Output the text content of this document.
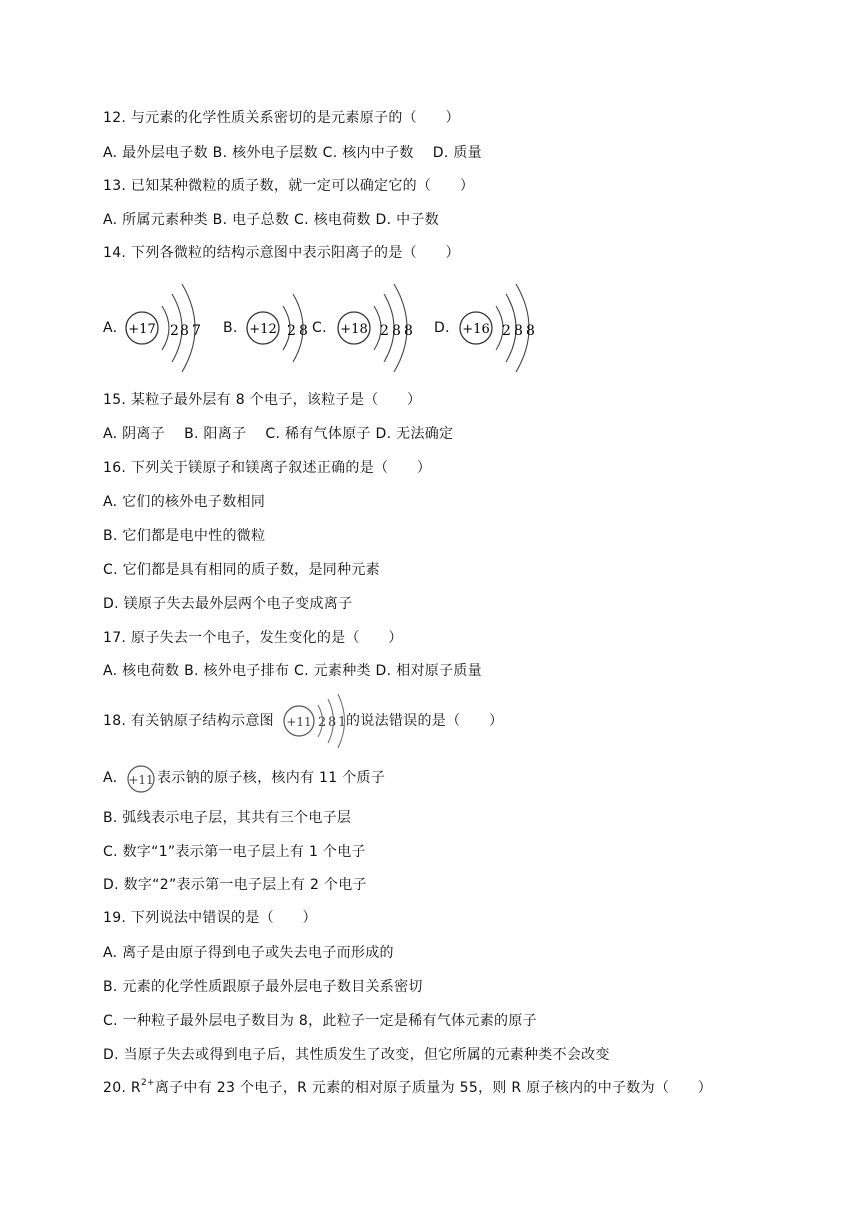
12. 与元素的化学性质关系密切的是元素原子的（　　）
A. 最外层电子数 B. 核外电子层数 C. 核内中子数　 D. 质量
13. 已知某种微粒的质子数，就一定可以确定它的（　　）
A. 所属元素种类 B. 电子总数 C. 核电荷数 D. 中子数
14. 下列各微粒的结构示意图中表示阳离子的是（　　）
A. +17 2 8 7 B. +12 2 8 C. +18 2 8 8 D. +16 2 8 8
15. 某粒子最外层有 8 个电子，该粒子是（　　）
A. 阴离子　 B. 阳离子　 C. 稀有气体原子 D. 无法确定
16. 下列关于镁原子和镁离子叙述正确的是（　　）
A. 它们的核外电子数相同
B. 它们都是电中性的微粒
C. 它们都是具有相同的质子数，是同种元素
D. 镁原子失去最外层两个电子变成离子
17. 原子失去一个电子，发生变化的是（　　）
A. 核电荷数 B. 核外电子排布 C. 元素种类 D. 相对原子质量
18. 有关钠原子结构示意图 +11 2 8 1 的说法错误的是（　　）
A. +11 表示钠的原子核，核内有 11 个质子
B. 弧线表示电子层，其共有三个电子层
C. 数字“1”表示第一电子层上有 1 个电子
D. 数字“2”表示第一电子层上有 2 个电子
19. 下列说法中错误的是（　　）
A. 离子是由原子得到电子或失去电子而形成的
B. 元素的化学性质跟原子最外层电子数目关系密切
C. 一种粒子最外层电子数目为 8，此粒子一定是稀有气体元素的原子
D. 当原子失去或得到电子后，其性质发生了改变，但它所属的元素种类不会改变
20. $R^{2+}$离子中有 23 个电子，R 元素的相对原子质量为 55，则 R 原子核内的中子数为（　　）
